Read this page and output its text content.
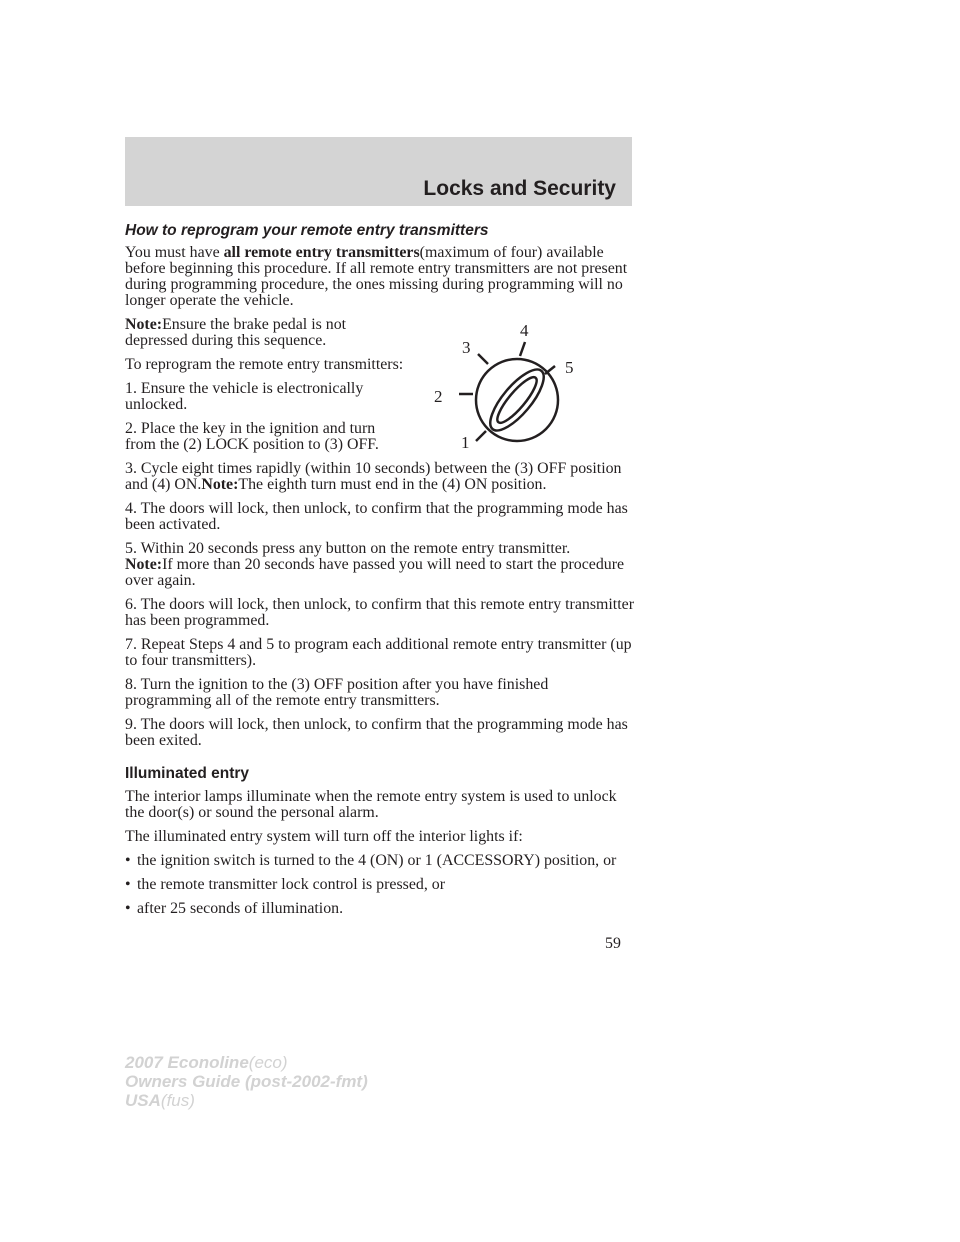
Locks and Security
How to reprogram your remote entry transmitters

You must have all remote entry transmitters(maximum of four) available before beginning this procedure. If all remote entry transmitters are not present during programming procedure, the ones missing during programming will no longer operate the vehicle.

Note:Ensure the brake pedal is not depressed during this sequence.

To reprogram the remote entry transmitters:

1. Ensure the vehicle is electronically unlocked.

2. Place the key in the ignition and turn from the (2) LOCK position to (3) OFF.

3. Cycle eight times rapidly (within 10 seconds) between the (3) OFF position and (4) ON.Note:The eighth turn must end in the (4) ON position.

4. The doors will lock, then unlock, to confirm that the programming mode has been activated.

5. Within 20 seconds press any button on the remote entry transmitter.
Note:If more than 20 seconds have passed you will need to start the procedure over again.

6. The doors will lock, then unlock, to confirm that this remote entry transmitter has been programmed.

7. Repeat Steps 4 and 5 to program each additional remote entry transmitter (up to four transmitters).

8. Turn the ignition to the (3) OFF position after you have finished programming all of the remote entry transmitters.

9. The doors will lock, then unlock, to confirm that the programming mode has been exited.

Illuminated entry

The interior lamps illuminate when the remote entry system is used to unlock the door(s) or sound the personal alarm.

The illuminated entry system will turn off the interior lights if:

• the ignition switch is turned to the 4 (ON) or 1 (ACCESSORY) position, or
• the remote transmitter lock control is pressed, or
• after 25 seconds of illumination.
1
2
3
4
5
59
2007 Econoline(eco)
Owners Guide (post-2002-fmt)
USA(fus)
